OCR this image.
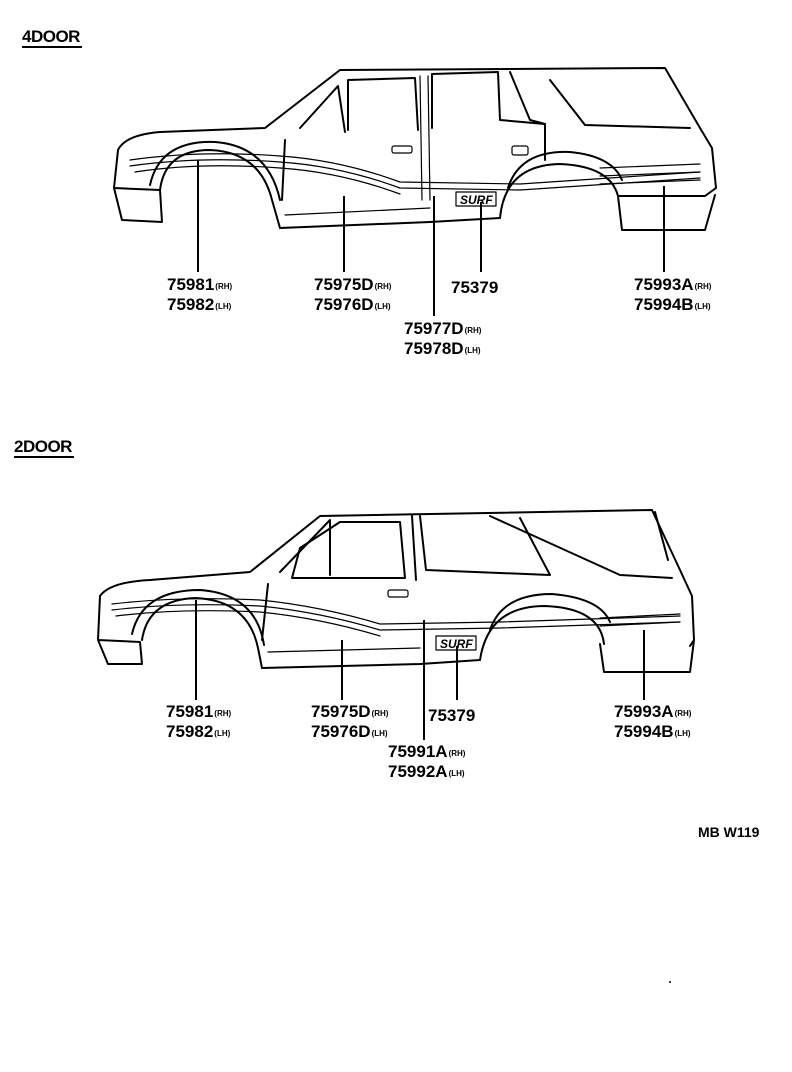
4DOOR
SURF
SURF
75981(RH)
75982(LH)
75975D(RH)
75976D(LH)
75379
75977D(RH)
75978D(LH)
75993A(RH)
75994B(LH)
2DOOR
75981(RH)
75982(LH)
75975D(RH)
75976D(LH)
75379
75991A(RH)
75992A(LH)
75993A(RH)
75994B(LH)
MB W119
